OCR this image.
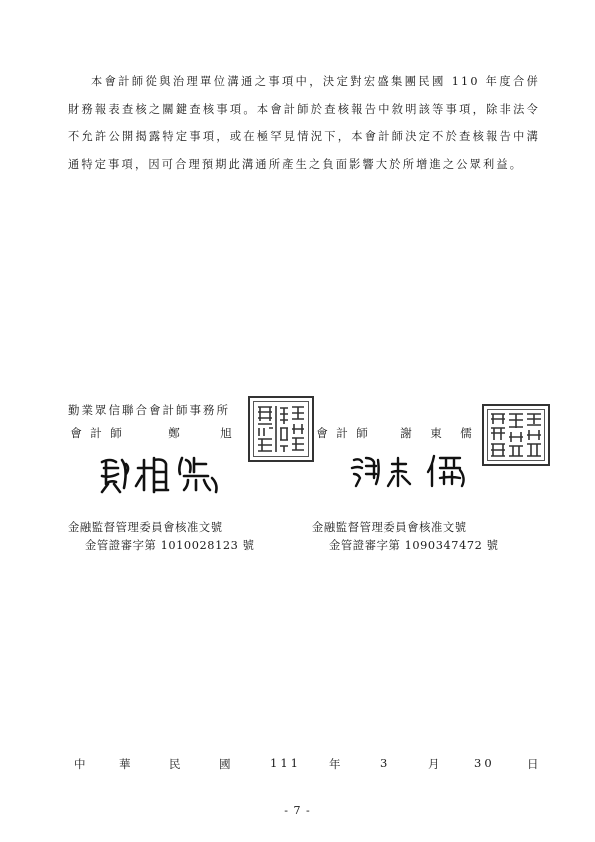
本會計師從與治理單位溝通之事項中，決定對宏盛集團民國 110 年度合併財務報表查核之關鍵查核事項。本會計師於查核報告中敘明該等事項，除非法令不允許公開揭露特定事項，或在極罕見情況下，本會計師決定不於查核報告中溝通特定事項，因可合理預期此溝通所產生之負面影響大於所增進之公眾利益。

勤業眾信聯合會計師事務所
會 計 師	鄭	旭	會 計 師	謝 東 儒
金融監督管理委員會核准文號
金管證審字第 1010028123 號
金融監督管理委員會核准文號
金管證審字第 1090347472 號
中	華	民	國	111 年	3	月	30	日
- 7 -
